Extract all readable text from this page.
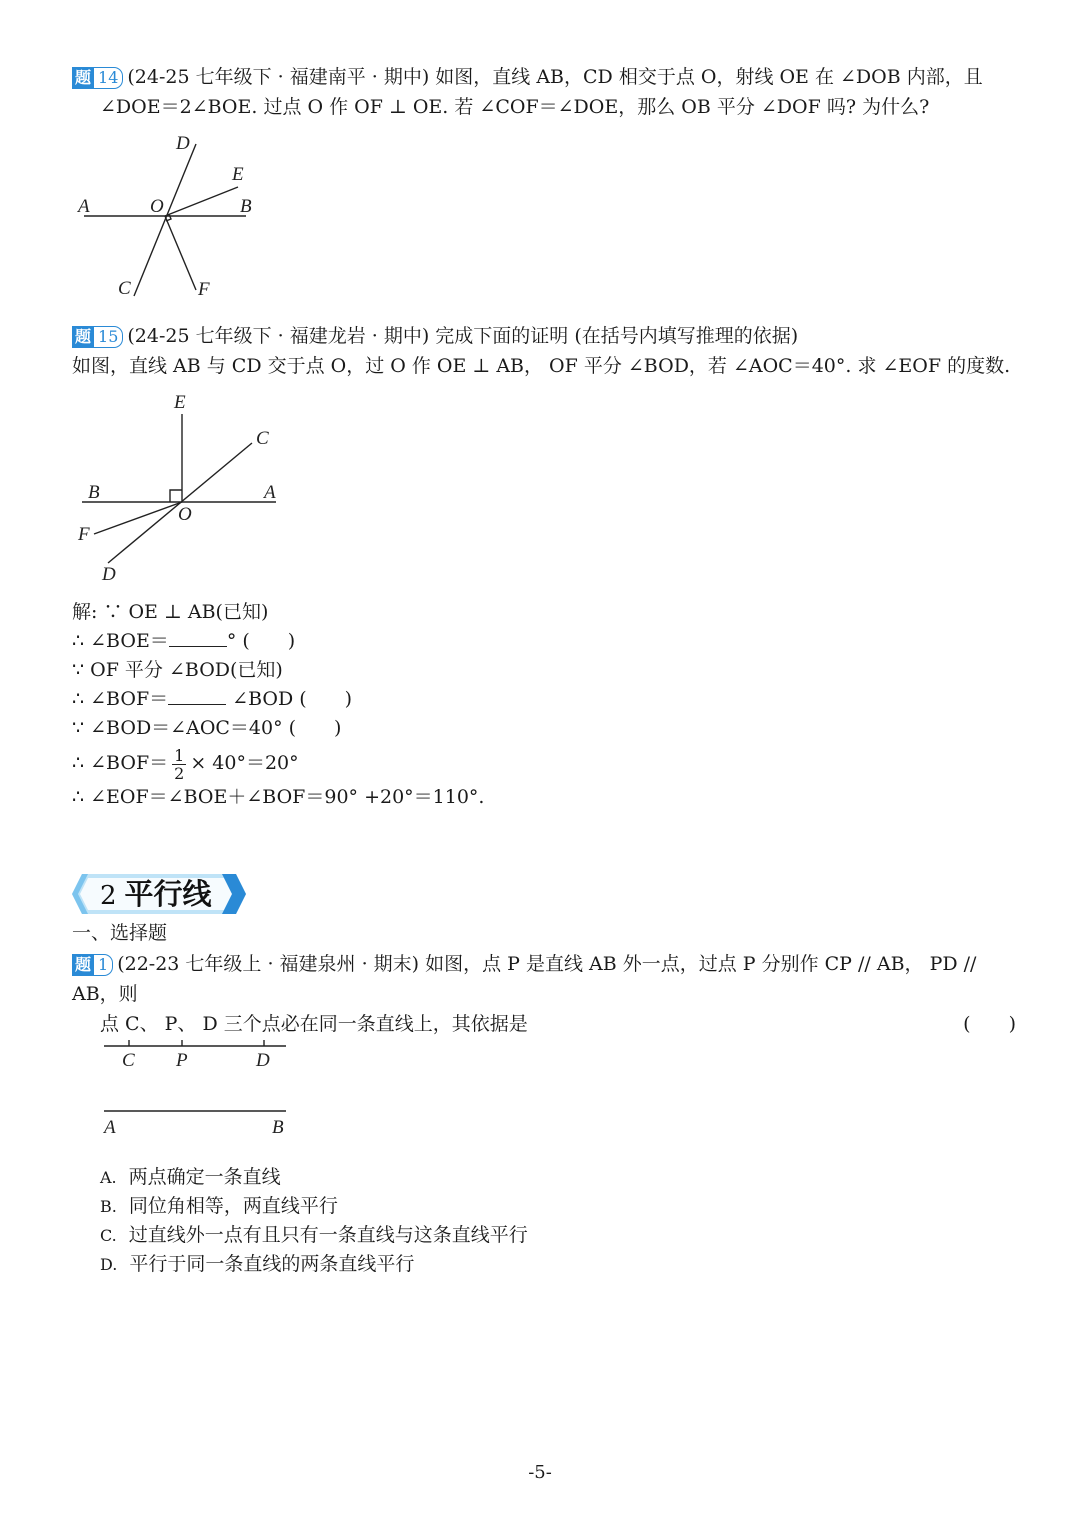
题 14 (24-25 七年级下 · 福建南平 · 期中) 如图，直线 AB，CD 相交于点 O，射线 OE 在 ∠DOB 内部，且
∠DOE＝2∠BOE. 过点 O 作 OF ⊥ OE. 若 ∠COF＝∠DOE，那么 OB 平分 ∠DOF 吗? 为什么?
D
E
A	O	B
C	F
题 15 (24-25 七年级下 · 福建龙岩 · 期中) 完成下面的证明 (在括号内填写推理的依据)
如图，直线 AB 与 CD 交于点 O，过 O 作 OE ⊥ AB， OF 平分 ∠BOD，若 ∠AOC＝40°. 求 ∠EOF 的度数.
E
C
B	A
O
F
D
解: ∵ OE ⊥ AB(已知)
∴ ∠BOE＝	° (　　)
∵ OF 平分 ∠BOD(已知)
∴ ∠BOF＝	∠BOD (　　)
∵ ∠BOD＝∠AOC＝40° (　　)
∴ ∠BOF＝ $\frac{1}{2} \times 40^\circ=20^\circ$
∴ ∠EOF＝∠BOE＋∠BOF＝90° +20°＝110°.
2 平行线
一、选择题
题 1 (22-23 七年级上 · 福建泉州 · 期末) 如图，点 P 是直线 AB 外一点，过点 P 分别作 CP // AB， PD // AB，则
点 C、 P、 D 三个点必在同一条直线上，其依据是	(　　)
C P	D
A	B
A. 两点确定一条直线
B. 同位角相等，两直线平行
C. 过直线外一点有且只有一条直线与这条直线平行
D. 平行于同一条直线的两条直线平行
-5-
